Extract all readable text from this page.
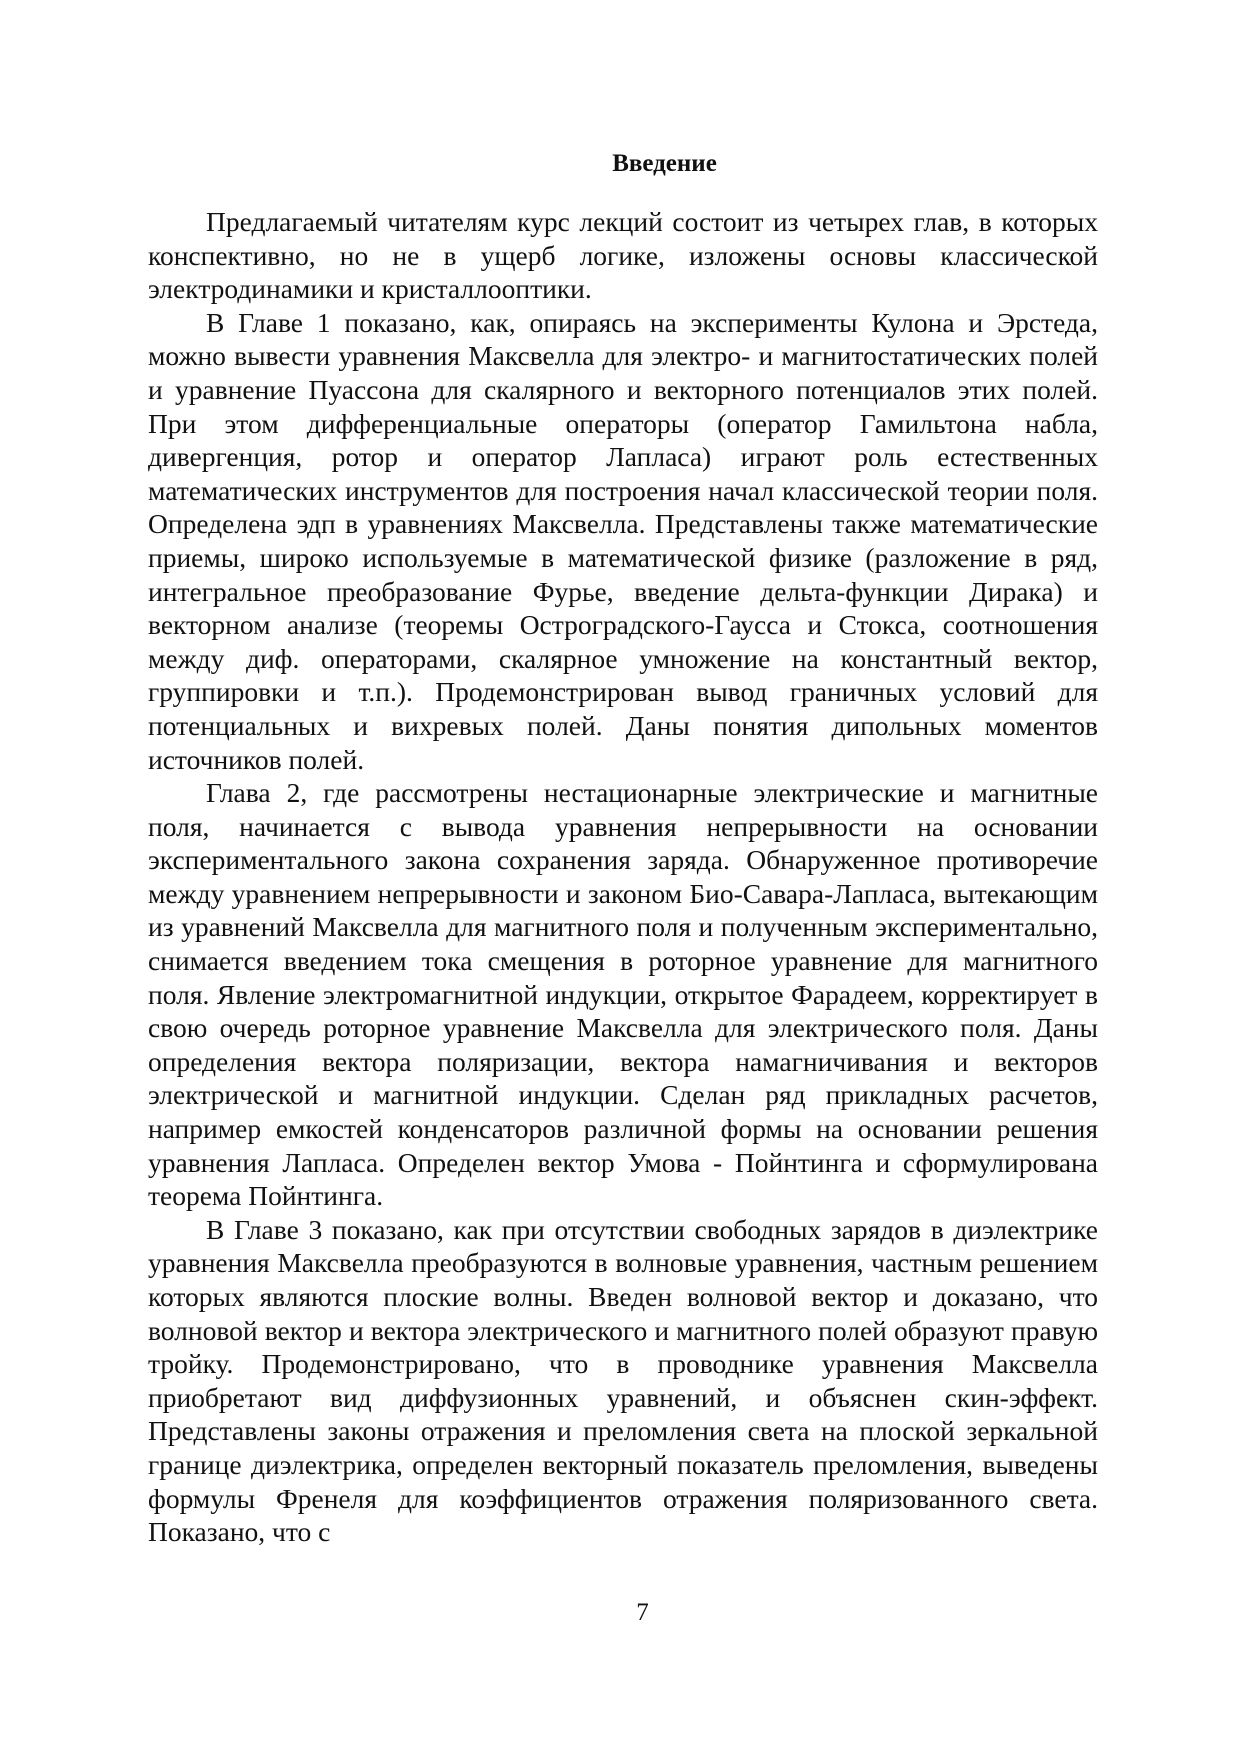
Введение

Предлагаемый читателям курс лекций состоит из четырех глав, в которых конспективно, но не в ущерб логике, изложены основы классической электродинамики и кристаллооптики.

В Главе 1 показано, как, опираясь на эксперименты Кулона и Эрстеда, можно вывести уравнения Максвелла для электро- и магнитостатических полей и уравнение Пуассона для скалярного и векторного потенциалов этих полей. При этом дифференциальные операторы (оператор Гамильтона набла, дивергенция, ротор и оператор Лапласа) играют роль естественных математических инструментов для построения начал классической теории поля. Определена эдп в уравнениях Максвелла. Представлены также математические приемы, широко используемые в математической физике (разложение в ряд, интегральное преобразование Фурье, введение дельта-функции Дирака) и векторном анализе (теоремы Остроградского-Гаусса и Стокса, соотношения между диф. операторами, скалярное умножение на константный вектор, группировки и т.п.). Продемонстрирован вывод граничных условий для потенциальных и вихревых полей. Даны понятия дипольных моментов источников полей.

Глава 2, где рассмотрены нестационарные электрические и магнитные поля, начинается с вывода уравнения непрерывности на основании экспериментального закона сохранения заряда. Обнаруженное противоречие между уравнением непрерывности и законом Био-Савара-Лапласа, вытекающим из уравнений Максвелла для магнитного поля и полученным экспериментально, снимается введением тока смещения в роторное уравнение для магнитного поля. Явление электромагнитной индукции, открытое Фарадеем, корректирует в свою очередь роторное уравнение Максвелла для электрического поля. Даны определения вектора поляризации, вектора намагничивания и векторов электрической и магнитной индукции. Сделан ряд прикладных расчетов, например емкостей конденсаторов различной формы на основании решения уравнения Лапласа. Определен вектор Умова - Пойнтинга и сформулирована теорема Пойнтинга.

В Главе 3 показано, как при отсутствии свободных зарядов в диэлектрике уравнения Максвелла преобразуются в волновые уравнения, частным решением которых являются плоские волны. Введен волновой вектор и доказано, что волновой вектор и вектора электрического и магнитного полей образуют правую тройку. Продемонстрировано, что в проводнике уравнения Максвелла приобретают вид диффузионных уравнений, и объяснен скин-эффект. Представлены законы отражения и преломления света на плоской зеркальной границе диэлектрика, определен векторный показатель преломления, выведены формулы Френеля для коэффициентов отражения поляризованного света. Показано, что с

7
